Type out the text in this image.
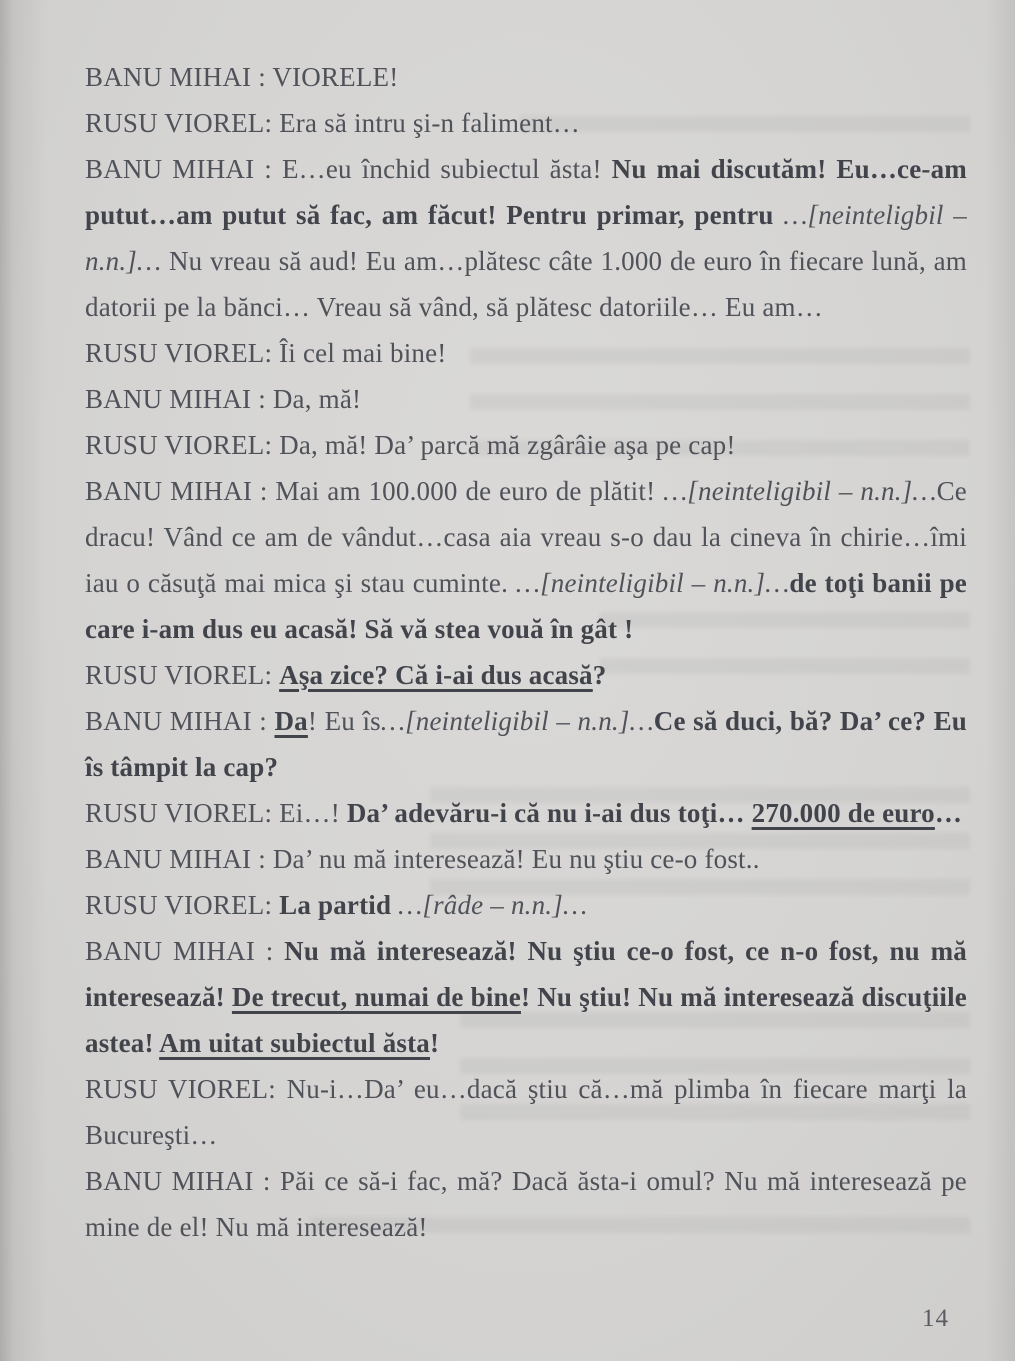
BANU MIHAI : VIORELE!

RUSU VIOREL: Era să intru şi-n faliment…

BANU MIHAI : E…eu închid subiectul ăsta! Nu mai discutăm! Eu…ce-am putut…am putut să fac, am făcut! Pentru primar, pentru …[neinteligbil – n.n.]… Nu vreau să aud! Eu am…plătesc câte 1.000 de euro în fiecare lună, am datorii pe la bănci… Vreau să vând, să plătesc datoriile… Eu am…

RUSU VIOREL: Îi cel mai bine!

BANU MIHAI : Da, mă!

RUSU VIOREL: Da, mă! Da’ parcă mă zgârâie aşa pe cap!

BANU MIHAI : Mai am 100.000 de euro de plătit! …[neinteligibil – n.n.]…Ce dracu! Vând ce am de vândut…casa aia vreau s-o dau la cineva în chirie…îmi iau o căsuţă mai mica şi stau cuminte. …[neinteligibil – n.n.]…de toţi banii pe care i-am dus eu acasă! Să vă stea vouă în gât !

RUSU VIOREL: Aşa zice? Că i-ai dus acasă?

BANU MIHAI : Da! Eu îs…[neinteligibil – n.n.]…Ce să duci, bă? Da’ ce? Eu îs tâmpit la cap?

RUSU VIOREL: Ei…! Da’ adevăru-i că nu i-ai dus toţi… 270.000 de euro…

BANU MIHAI : Da’ nu mă interesează! Eu nu ştiu ce-o fost..

RUSU VIOREL: La partid …[râde – n.n.]…

BANU MIHAI : Nu mă interesează! Nu ştiu ce-o fost, ce n-o fost, nu mă interesează! De trecut, numai de bine! Nu ştiu! Nu mă interesează discuţiile astea! Am uitat subiectul ăsta!

RUSU VIOREL: Nu-i…Da’ eu…dacă ştiu că…mă plimba în fiecare marţi la Bucureşti…

BANU MIHAI : Păi ce să-i fac, mă? Dacă ăsta-i omul? Nu mă interesează pe mine de el! Nu mă interesează!

14
